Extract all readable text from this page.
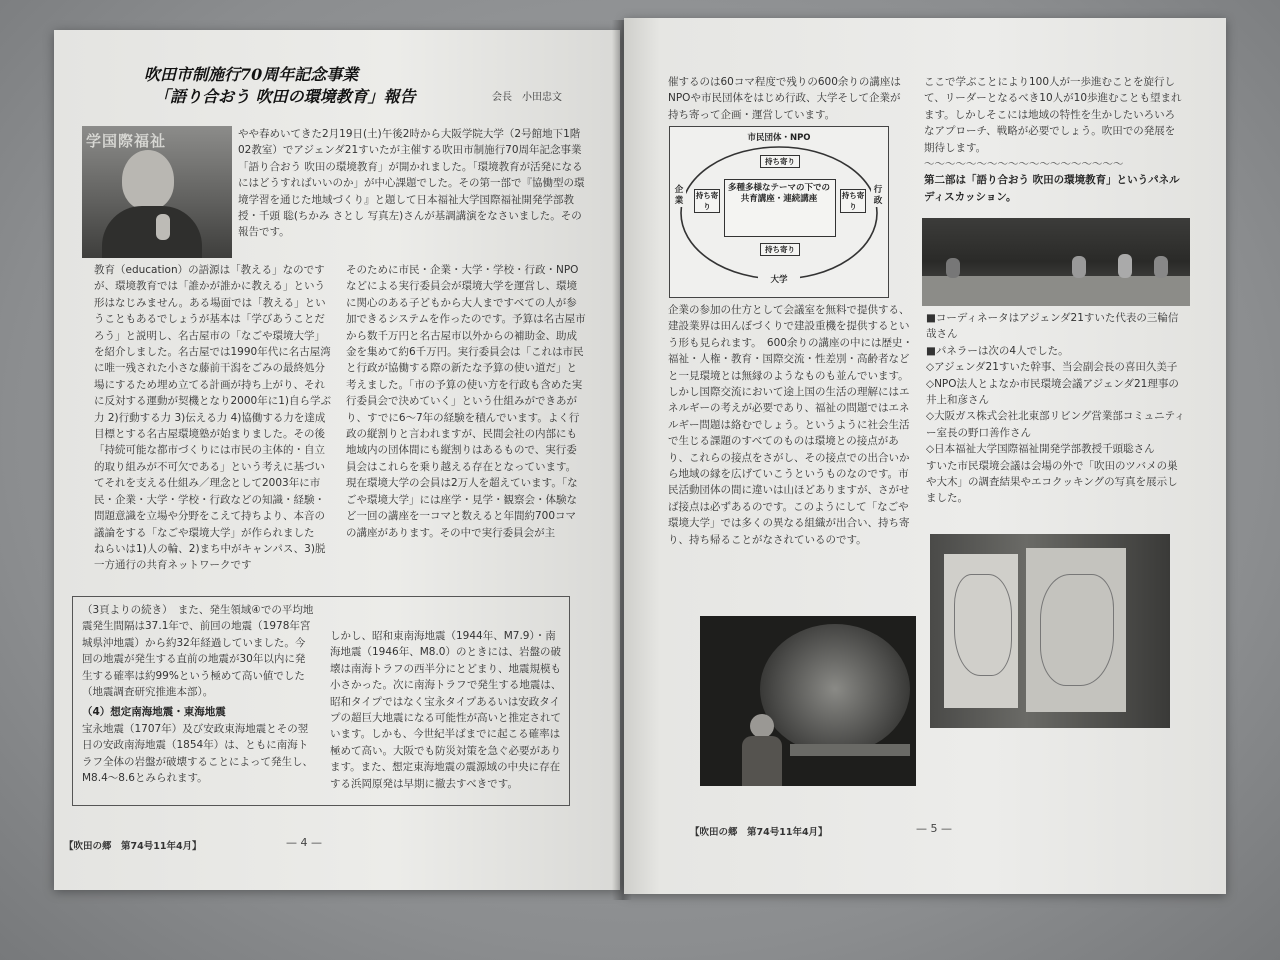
吹田市制施行70周年記念事業
「語り合おう 吹田の環境教育」報告	会長　小田忠文
学国際福祉	やや春めいてきた2月19日(土)午後2時から大阪学院大学（2号館地下1階02教室）でアジェンダ21すいたが主催する吹田市制施行70周年記念事業「語り合おう 吹田の環境教育」が開かれました。「環境教育が活発になるにはどうすればいいのか」が中心課題でした。その第一部で『協働型の環境学習を通じた地域づくり』と題して日本福祉大学国際福祉開発学部教授・千頭 聡(ちかみ さとし 写真左)さんが基調講演をなさいました。その報告です。

教育（education）の語源は「教える」なのですが、環境教育では「誰かが誰かに教える」という形はなじみません。ある場面では「教える」ということもあるでしょうが基本は「学びあうことだろう」と説明し、名古屋市の「なごや環境大学」を紹介しました。名古屋では1990年代に名古屋湾に唯一残された小さな藤前干潟をごみの最終処分場にするため埋め立てる計画が持ち上がり、それに反対する運動が契機となり2000年に1)自ら学ぶ力 2)行動する力 3)伝える力 4)協働する力を達成目標とする名古屋環境塾が始まりました。その後「持続可能な都市づくりには市民の主体的・自立的取り組みが不可欠である」という考えに基づいてそれを支える仕組み／理念として2003年に市民・企業・大学・学校・行政などの知識・経験・問題意識を立場や分野をこえて持ちより、本音の議論をする「なごや環境大学」が作られました　ねらいは1)人の輪、2)まち中がキャンパス、3)脱一方通行の共育ネットワークです

そのために市民・企業・大学・学校・行政・NPOなどによる実行委員会が環境大学を運営し、環境に関心のある子どもから大人まですべての人が参加できるシステムを作ったのです。予算は名古屋市から数千万円と名古屋市以外からの補助金、助成金を集めて約6千万円。実行委員会は「これは市民と行政が協働する際の新たな予算の使い道だ」と考えました。「市の予算の使い方を行政も含めた実行委員会で決めていく」という仕組みができあがり、すでに6～7年の経験を積んでいます。よく行政の縦割りと言われますが、民間会社の内部にも地域内の団体間にも縦割りはあるもので、実行委員会はこれらを乗り越える存在となっています。現在環境大学の会員は2万人を超えています。「なごや環境大学」には座学・見学・観察会・体験など一回の講座を一コマと数えると年間約700コマの講座があります。その中で実行委員会が主

（3頁よりの続き）　また、発生領域④での平均地震発生間隔は37.1年で、前回の地震（1978年宮城県沖地震）から約32年経過していました。今回の地震が発生する直前の地震が30年以内に発生する確率は約99%という極めて高い値でした（地震調査研究推進本部）。

（4）想定南海地震・東海地震

宝永地震（1707年）及び安政東海地震とその翌日の安政南海地震（1854年）は、ともに南海トラフ全体の岩盤が破壊することによって発生し、M8.4～8.6とみられます。

しかし、昭和東南海地震（1944年、M7.9）・南海地震（1946年、M8.0）のときには、岩盤の破壊は南海トラフの西半分にとどまり、地震規模も小さかった。次に南海トラフで発生する地震は、昭和タイプではなく宝永タイプあるいは安政タイプの超巨大地震になる可能性が高いと推定されています。しかも、今世紀半ばまでに起こる確率は極めて高い。大阪でも防災対策を急ぐ必要があります。また、想定東海地震の震源域の中央に存在する浜岡原発は早期に撤去すべきです。

【吹田の郷　第74号11年4月】	— 4 —

催するのは60コマ程度で残りの600余りの講座はNPOや市民団体をはじめ行政、大学そして企業が持ち寄って企画・運営しています。

市民団体・NPO
企業
行政
大学
多種多様なテーマの下での共育講座・連続講座
持ち寄り
持ち寄り
持ち寄り
持ち寄り

企業の参加の仕方として会議室を無料で提供する、建設業界は田んぼづくりで建設重機を提供するという形も見られます。　600余りの講座の中には歴史・福祉・人権・教育・国際交流・性差別・高齢者などと一見環境とは無縁のようなものも並んでいます。しかし国際交流において途上国の生活の理解にはエネルギーの考えが必要であり、福祉の問題ではエネルギー問題は絡むでしょう。というように社会生活で生じる課題のすべてのものは環境との接点があり、これらの接点をさがし、その接点での出合いから地域の縁を広げていこうというものなのです。市民活動団体の間に違いは山ほどありますが、さがせば接点は必ずあるのです。このようにして「なごや環境大学」では多くの異なる組織が出合い、持ち寄り、持ち帰ることがなされているのです。

ここで学ぶことにより100人が一歩進むことを旋行して、リーダーとなるべき10人が10歩進むことも望まれます。しかしそこには地域の特性を生かしたいろいろなアプローチ、戦略が必要でしょう。吹田での発展を期待します。

～～～～～～～～～～～～～～～～～～～

第二部は「語り合おう 吹田の環境教育」というパネルディスカッション。

■コーディネータはアジェンダ21すいた代表の三輪信哉さん

■パネラーは次の4人でした。

◇アジェンダ21すいた幹事、当会副会長の喜田久美子

◇NPO法人とよなか市民環境会議アジェンダ21理事の井上和彦さん

◇大阪ガス株式会社北東部リビング営業部コミュニティー室長の野口善作さん

◇日本福祉大学国際福祉開発学部教授千頭聡さん

すいた市民環境会議は会場の外で「吹田のツバメの巣や大木」の調査結果やエコクッキングの写真を展示しました。

【吹田の郷　第74号11年4月】	— 5 —
